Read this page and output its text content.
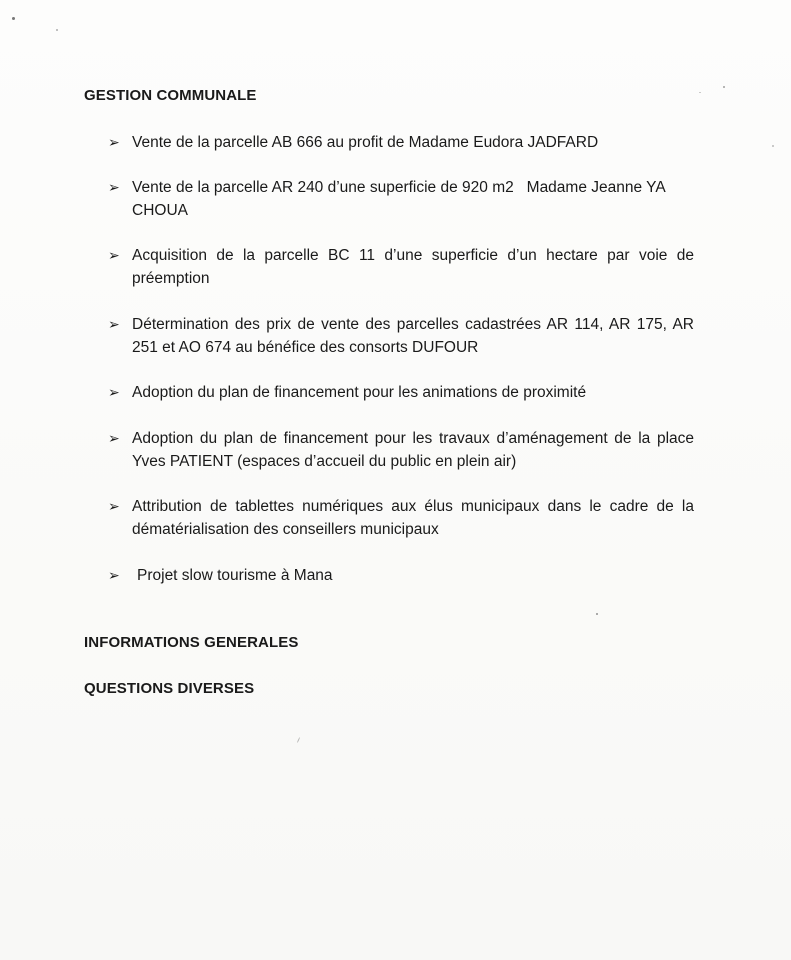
GESTION COMMUNALE
➢ Vente de la parcelle AB 666 au profit de Madame Eudora JADFARD
➢ Vente de la parcelle AR 240 d’une superficie de 920 m2   Madame Jeanne YA CHOUA
➢ Acquisition de la parcelle BC 11 d’une superficie d’un hectare par voie de préemption
➢ Détermination des prix de vente des parcelles cadastrées AR 114, AR 175, AR 251 et AO 674 au bénéfice des consorts DUFOUR
➢ Adoption du plan de financement pour les animations de proximité
➢ Adoption du plan de financement pour les travaux d’aménagement de la place Yves PATIENT (espaces d’accueil du public en plein air)
➢ Attribution de tablettes numériques aux élus municipaux dans le cadre de la dématérialisation des conseillers municipaux
➢ Projet slow tourisme à Mana
INFORMATIONS GENERALES
QUESTIONS DIVERSES
